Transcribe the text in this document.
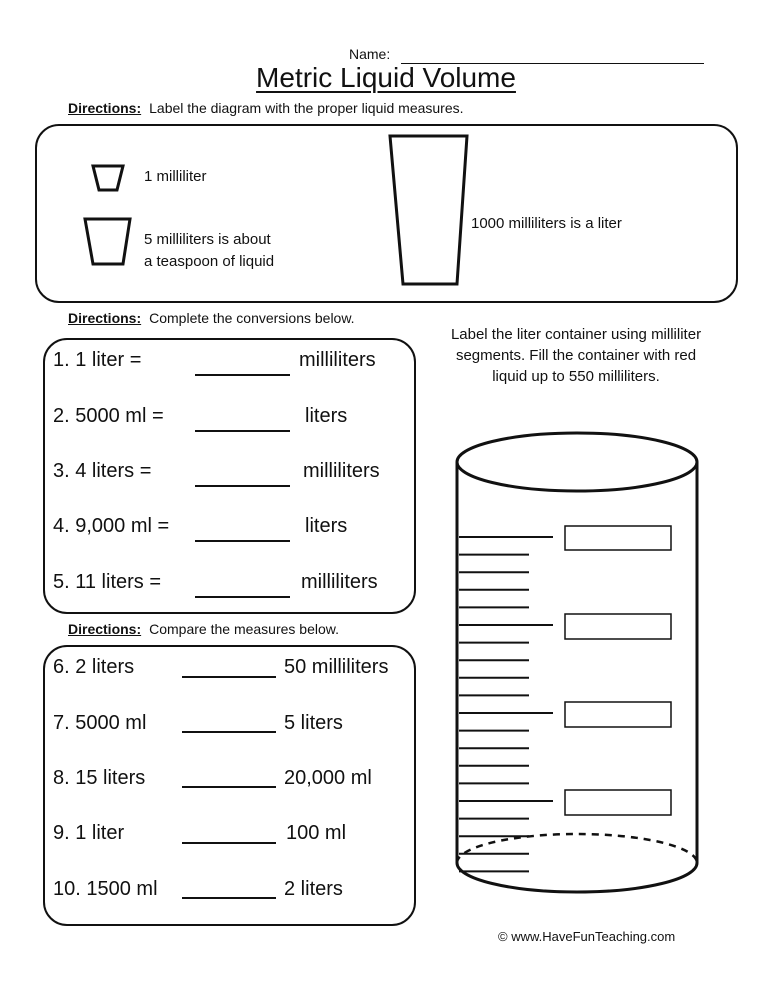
Name:
Metric Liquid Volume
Directions: Label the diagram with the proper liquid measures.
1 milliliter
5 milliliters is about
a teaspoon of liquid
1000 milliliters is a liter
Directions: Complete the conversions below.
1. 1 liter =	milliliters
2. 5000 ml =	liters
3. 4 liters =	milliliters
4. 9,000 ml =	liters
5. 11 liters =	milliliters
Directions: Compare the measures below.
6. 2 liters	50 milliliters
7. 5000 ml	5 liters
8. 15 liters	20,000 ml
9. 1 liter	100 ml
10. 1500 ml	2 liters
Label the liter container using milliliter segments. Fill the container with red liquid up to 550 milliliters.
© www.HaveFunTeaching.com
